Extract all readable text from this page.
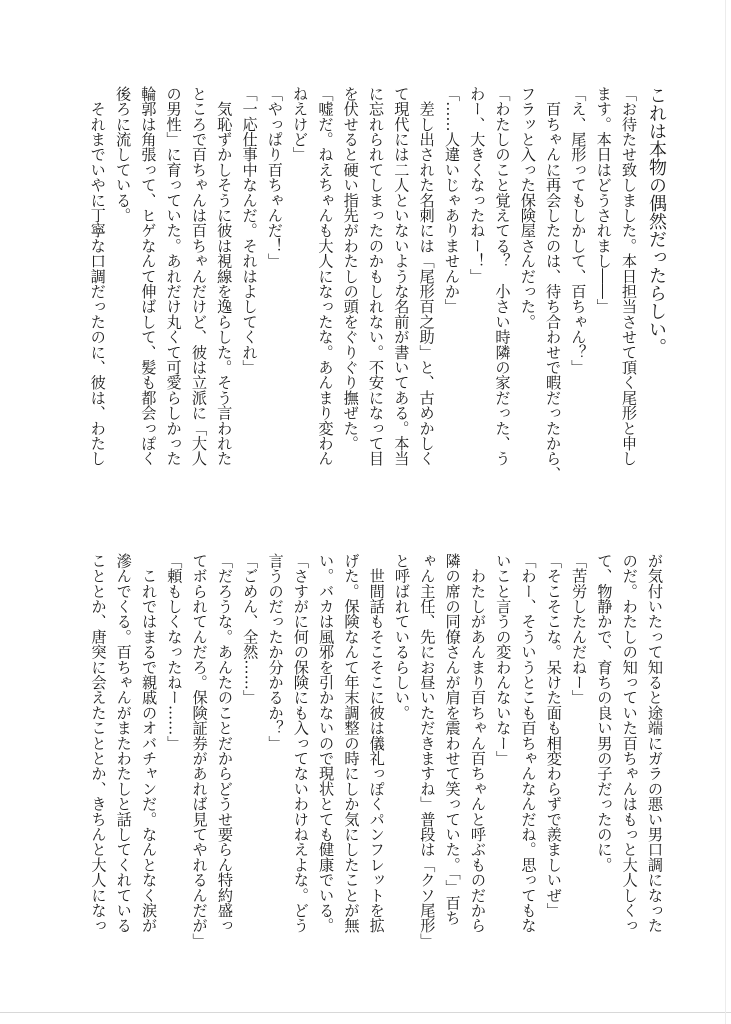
これは本物の偶然だったらしい。
「お待たせ致しました。本日担当させて頂く尾形と申し
ます。本日はどうされまし――」
「え、尾形ってもしかして、百ちゃん？」
　百ちゃんに再会したのは、待ち合わせで暇だったから、
フラッと入った保険屋さんだった。
「わたしのこと覚えてる？　小さい時隣の家だった、う
わー、大きくなったねー！」
「……人違いじゃありませんか」
　差し出された名刺には「尾形百之助」と、古めかしく
て現代には二人といないような名前が書いてある。本当
に忘れられてしまったのかもしれない。不安になって目
を伏せると硬い指先がわたしの頭をぐりぐり撫ぜた。
「嘘だ。ねえちゃんも大人になったな。あんまり変わん
ねえけど」
「やっぱり百ちゃんだ！」
「一応仕事中なんだ。それはよしてくれ」
　気恥ずかしそうに彼は視線を逸らした。そう言われた
ところで百ちゃんは百ちゃんだけど、彼は立派に「大人
の男性」に育っていた。あれだけ丸くて可愛らしかった
輪郭は角張って、ヒゲなんて伸ばして、髪も都会っぽく
後ろに流している。
　それまでいやに丁寧な口調だったのに、彼は、わたし
が気付いたって知ると途端にガラの悪い男口調になった
のだ。わたしの知っていた百ちゃんはもっと大人しくっ
て、物静かで、育ちの良い男の子だったのに。
「苦労したんだねー」
「そこそこな。呆けた面も相変わらずで羨ましいぜ」
「わー、そういうとこも百ちゃんなんだね。思ってもな
いこと言うの変わんないなー」
　わたしがあんまり百ちゃん百ちゃんと呼ぶものだから
隣の席の同僚さんが肩を震わせて笑っていた。「」百ち
ゃん主任、先にお昼いただきますね」普段は「クソ尾形」
と呼ばれているらしい。
　世間話もそこそこに彼は儀礼っぽくパンフレットを拡
げた。保険なんて年末調整の時にしか気にしたことが無
い。バカは風邪を引かないので現状とても健康でいる。
「さすがに何の保険にも入ってないわけねえよな。どう
言うのだったか分かるか？」
「ごめん、全然……」
「だろうな。あんたのことだからどうせ要らん特約盛っ
てボられてんだろ。保険証券があれば見てやれるんだが」
「頼もしくなったねー……」
　これではまるで親戚のオバチャンだ。なんとなく涙が
滲んでくる。百ちゃんがまたわたしと話してくれている
こととか、唐突に会えたこととか、きちんと大人になっ
